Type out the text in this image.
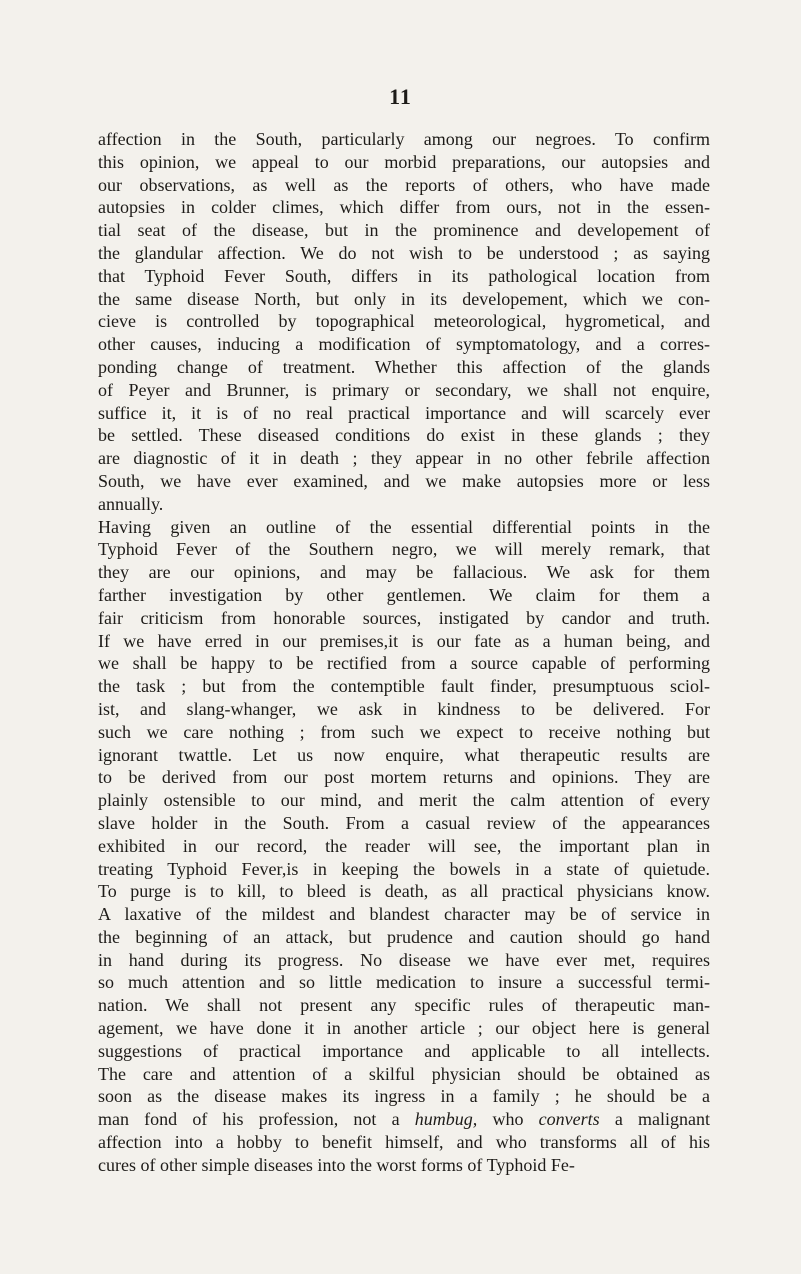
11
affection in the South, particularly among our negroes. To confirm
this opinion, we appeal to our morbid preparations, our autopsies and
our observations, as well as the reports of others, who have made
autopsies in colder climes, which differ from ours, not in the essen-
tial seat of the disease, but in the prominence and developement of
the glandular affection. We do not wish to be understood ; as saying
that Typhoid Fever South, differs in its pathological location from
the same disease North, but only in its developement, which we con-
cieve is controlled by topographical meteorological, hygrometical, and
other causes, inducing a modification of symptomatology, and a corres-
ponding change of treatment. Whether this affection of the glands
of Peyer and Brunner, is primary or secondary, we shall not enquire,
suffice it, it is of no real practical importance and will scarcely ever
be settled. These diseased conditions do exist in these glands ; they
are diagnostic of it in death ; they appear in no other febrile affection
South, we have ever examined, and we make autopsies more or less
annually.
Having given an outline of the essential differential points in the
Typhoid Fever of the Southern negro, we will merely remark, that
they are our opinions, and may be fallacious. We ask for them
farther investigation by other gentlemen. We claim for them a
fair criticism from honorable sources, instigated by candor and truth.
If we have erred in our premises,it is our fate as a human being, and
we shall be happy to be rectified from a source capable of performing
the task ; but from the contemptible fault finder, presumptuous sciol-
ist, and slang-whanger, we ask in kindness to be delivered. For
such we care nothing ; from such we expect to receive nothing but
ignorant twattle. Let us now enquire, what therapeutic results are
to be derived from our post mortem returns and opinions. They are
plainly ostensible to our mind, and merit the calm attention of every
slave holder in the South. From a casual review of the appearances
exhibited in our record, the reader will see, the important plan in
treating Typhoid Fever,is in keeping the bowels in a state of quietude.
To purge is to kill, to bleed is death, as all practical physicians know.
A laxative of the mildest and blandest character may be of service in
the beginning of an attack, but prudence and caution should go hand
in hand during its progress. No disease we have ever met, requires
so much attention and so little medication to insure a successful termi-
nation. We shall not present any specific rules of therapeutic man-
agement, we have done it in another article ; our object here is general
suggestions of practical importance and applicable to all intellects.
The care and attention of a skilful physician should be obtained as
soon as the disease makes its ingress in a family ; he should be a
man fond of his profession, not a humbug, who converts a malignant
affection into a hobby to benefit himself, and who transforms all of his
cures of other simple diseases into the worst forms of Typhoid Fe-
